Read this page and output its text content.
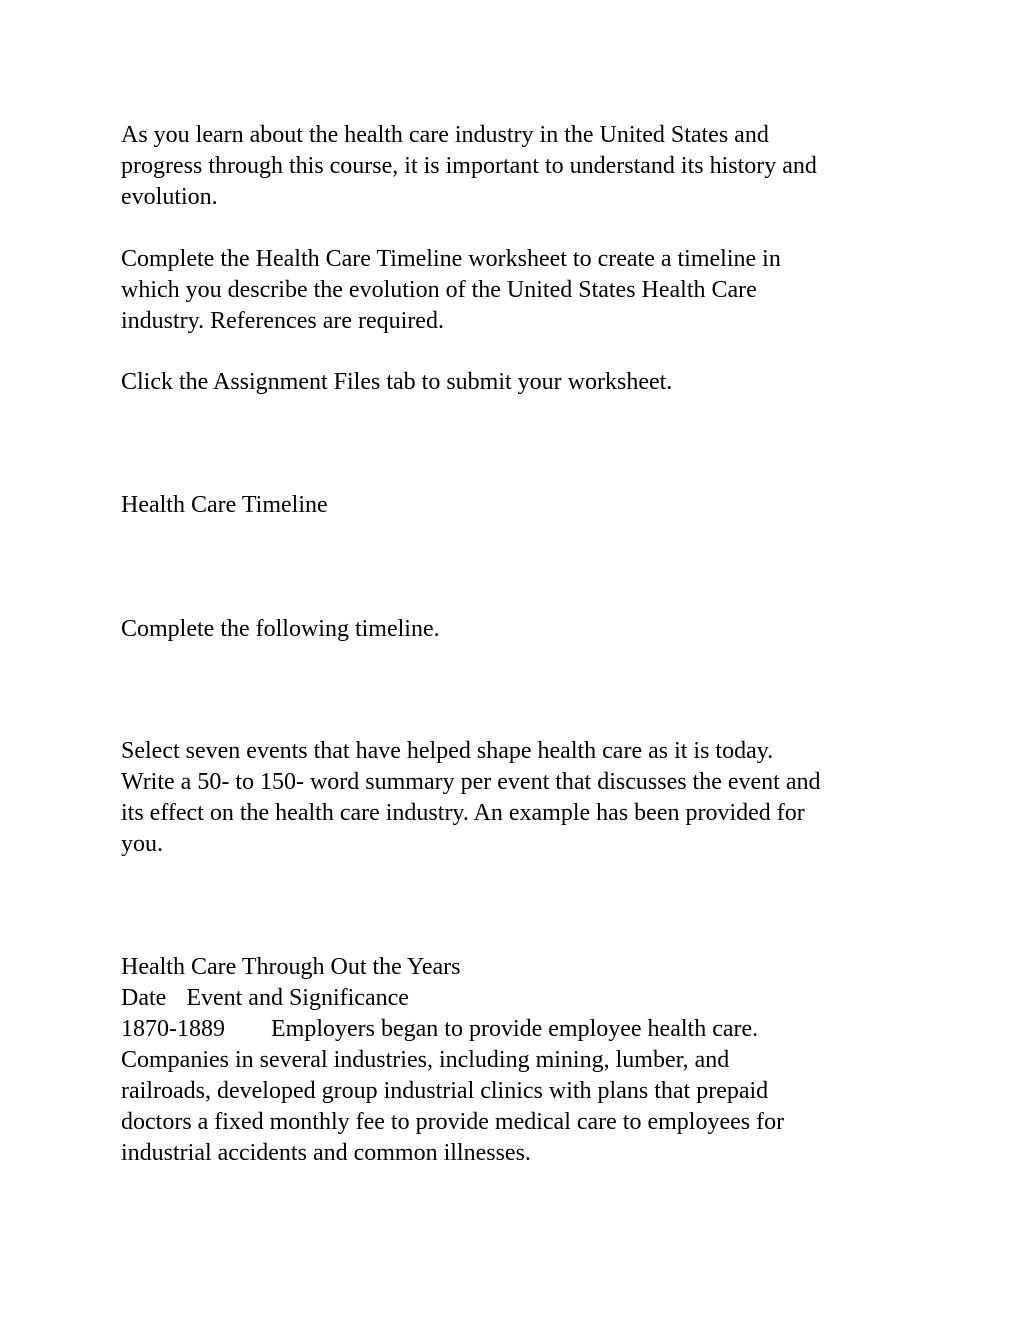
As you learn about the health care industry in the United States and
progress through this course, it is important to understand its history and
evolution.

Complete the Health Care Timeline worksheet to create a timeline in
which you describe the evolution of the United States Health Care
industry. References are required.

Click the Assignment Files tab to submit your worksheet.

Health Care Timeline

Complete the following timeline.

Select seven events that have helped shape health care as it is today.
Write a 50- to 150- word summary per event that discusses the event and
its effect on the health care industry. An example has been provided for
you.

Health Care Through Out the Years
Date Event and Significance
1870-1889 Employers began to provide employee health care.
Companies in several industries, including mining, lumber, and
railroads, developed group industrial clinics with plans that prepaid
doctors a fixed monthly fee to provide medical care to employees for
industrial accidents and common illnesses.
